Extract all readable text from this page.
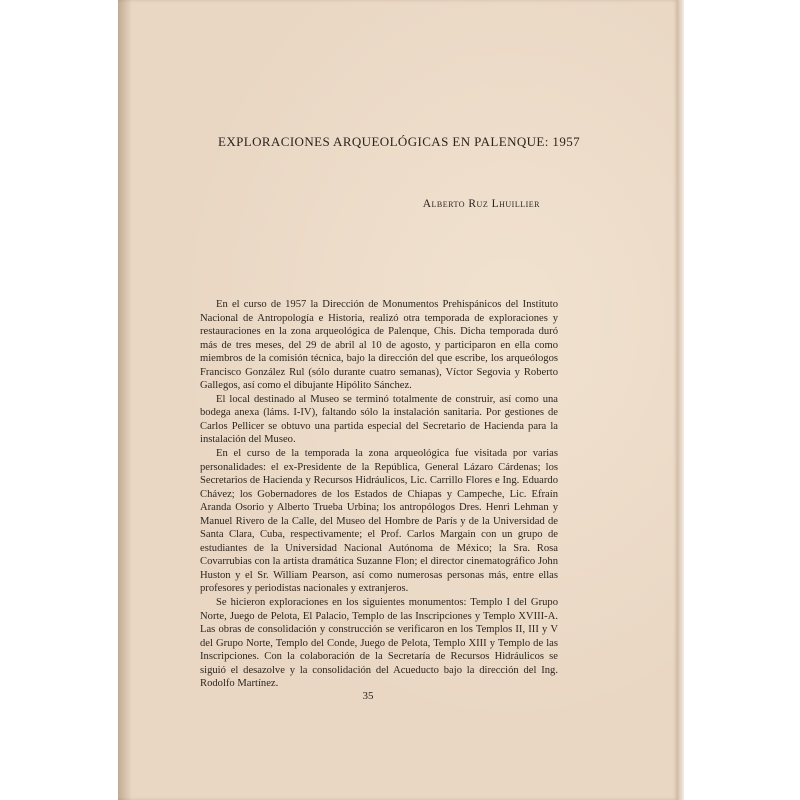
EXPLORACIONES ARQUEOLÓGICAS EN PALENQUE: 1957
Alberto Ruz Lhuillier

En el curso de 1957 la Dirección de Monumentos Prehispánicos del Instituto Nacional de Antropología e Historia, realizó otra temporada de exploraciones y restauraciones en la zona arqueológica de Palenque, Chis. Dicha temporada duró más de tres meses, del 29 de abril al 10 de agosto, y participaron en ella como miembros de la comisión técnica, bajo la dirección del que escribe, los arqueólogos Francisco González Rul (sólo durante cuatro semanas), Víctor Segovia y Roberto Gallegos, así como el dibujante Hipólito Sánchez.

El local destinado al Museo se terminó totalmente de construir, así como una bodega anexa (láms. I-IV), faltando sólo la instalación sanitaria. Por gestiones de Carlos Pellicer se obtuvo una partida especial del Secretario de Hacienda para la instalación del Museo.

En el curso de la temporada la zona arqueológica fue visitada por varias personalidades: el ex-Presidente de la República, General Lázaro Cárdenas; los Secretarios de Hacienda y Recursos Hidráulicos, Lic. Carrillo Flores e Ing. Eduardo Chávez; los Gobernadores de los Estados de Chiapas y Campeche, Lic. Efraín Aranda Osorio y Alberto Trueba Urbina; los antropólogos Dres. Henri Lehman y Manuel Rivero de la Calle, del Museo del Hombre de París y de la Universidad de Santa Clara, Cuba, respectivamente; el Prof. Carlos Margain con un grupo de estudiantes de la Universidad Nacional Autónoma de México; la Sra. Rosa Covarrubias con la artista dramática Suzanne Flon; el director cinematográfico John Huston y el Sr. William Pearson, así como numerosas personas más, entre ellas profesores y periodistas nacionales y extranjeros.

Se hicieron exploraciones en los siguientes monumentos: Templo I del Grupo Norte, Juego de Pelota, El Palacio, Templo de las Inscripciones y Templo XVIII-A. Las obras de consolidación y construcción se verificaron en los Templos II, III y V del Grupo Norte, Templo del Conde, Juego de Pelota, Templo XIII y Templo de las Inscripciones. Con la colaboración de la Secretaría de Recursos Hidráulicos se siguió el desazolve y la consolidación del Acueducto bajo la dirección del Ing. Rodolfo Martínez.

35
